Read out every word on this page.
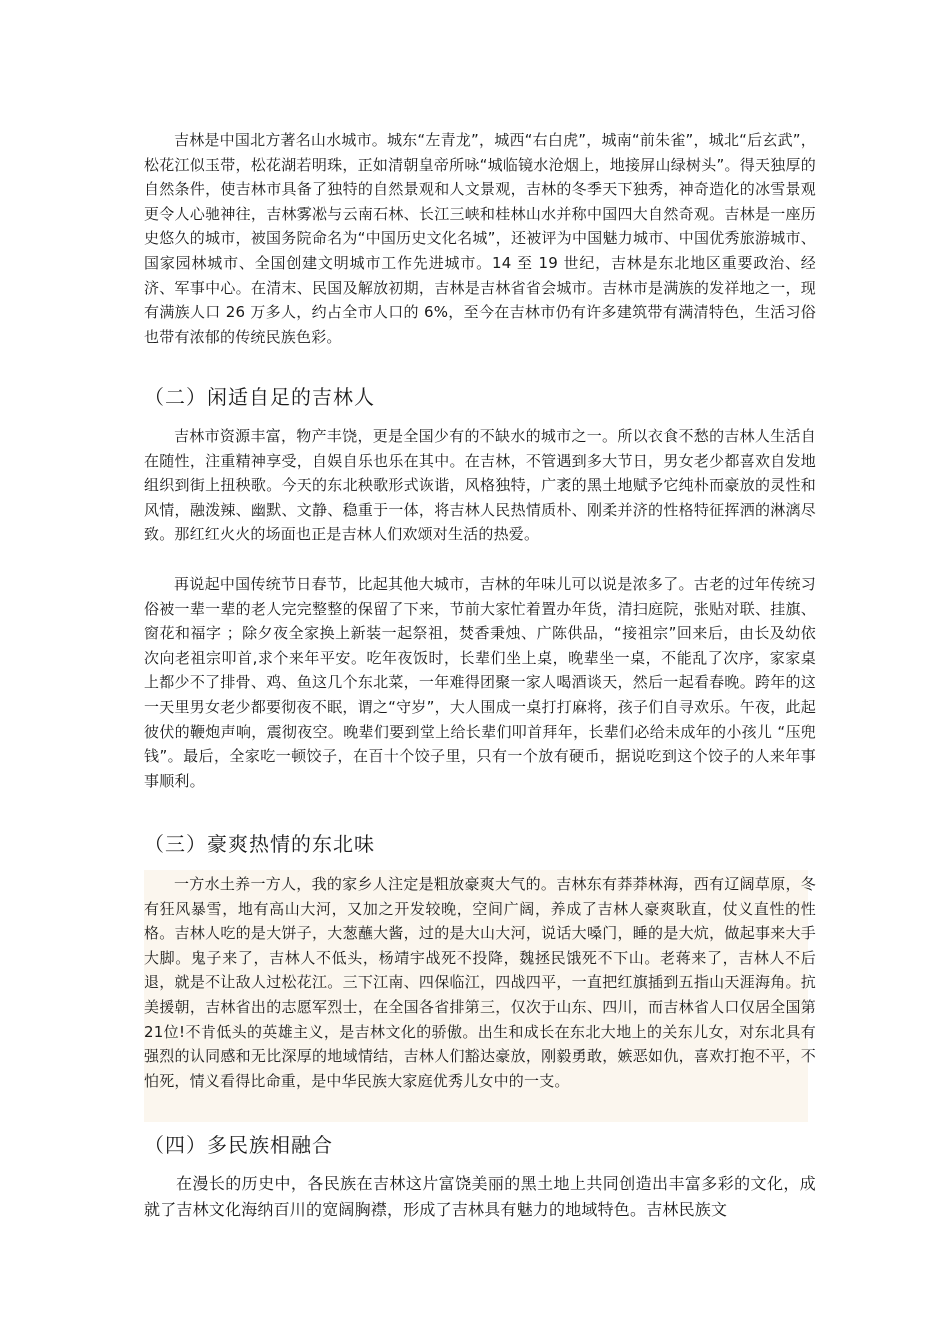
吉林是中国北方著名山水城市。城东“左青龙”，城西“右白虎”，城南“前朱雀”，城北“后玄武”，松花江似玉带，松花湖若明珠，正如清朝皇帝所咏“城临镜水沧烟上，地接屏山绿树头”。得天独厚的自然条件，使吉林市具备了独特的自然景观和人文景观，吉林的冬季天下独秀，神奇造化的冰雪景观更令人心驰神往，吉林雾凇与云南石林、长江三峡和桂林山水并称中国四大自然奇观。吉林是一座历史悠久的城市，被国务院命名为“中国历史文化名城”，还被评为中国魅力城市、中国优秀旅游城市、国家园林城市、全国创建文明城市工作先进城市。14 至 19 世纪，吉林是东北地区重要政治、经济、军事中心。在清末、民国及解放初期，吉林是吉林省省会城市。吉林市是满族的发祥地之一，现有满族人口 26 万多人，约占全市人口的 6%，至今在吉林市仍有许多建筑带有满清特色，生活习俗也带有浓郁的传统民族色彩。

（二）闲适自足的吉林人

吉林市资源丰富，物产丰饶，更是全国少有的不缺水的城市之一。所以衣食不愁的吉林人生活自在随性，注重精神享受，自娱自乐也乐在其中。在吉林，不管遇到多大节日，男女老少都喜欢自发地组织到街上扭秧歌。今天的东北秧歌形式诙谐，风格独特，广袤的黑土地赋予它纯朴而豪放的灵性和风情，融泼辣、幽默、文静、稳重于一体，将吉林人民热情质朴、刚柔并济的性格特征挥洒的淋漓尽致。那红红火火的场面也正是吉林人们欢颂对生活的热爱。

再说起中国传统节日春节，比起其他大城市，吉林的年味儿可以说是浓多了。古老的过年传统习俗被一辈一辈的老人完完整整的保留了下来，节前大家忙着置办年货，清扫庭院，张贴对联、挂旗、窗花和福字 ；除夕夜全家换上新装一起祭祖，焚香秉烛、广陈供品，“接祖宗”回来后，由长及幼依次向老祖宗叩首,求个来年平安。吃年夜饭时，长辈们坐上桌，晚辈坐一桌，不能乱了次序，家家桌上都少不了排骨、鸡、鱼这几个东北菜，一年难得团聚一家人喝酒谈天，然后一起看春晚。跨年的这一天里男女老少都要彻夜不眠，谓之“守岁”，大人围成一桌打打麻将，孩子们自寻欢乐。午夜，此起彼伏的鞭炮声响，震彻夜空。晚辈们要到堂上给长辈们叩首拜年，长辈们必给未成年的小孩儿 “压兜钱”。最后，全家吃一顿饺子，在百十个饺子里，只有一个放有硬币，据说吃到这个饺子的人来年事事顺利。

（三）豪爽热情的东北味

一方水土养一方人，我的家乡人注定是粗放豪爽大气的。吉林东有莽莽林海，西有辽阔草原，冬有狂风暴雪，地有高山大河，又加之开发较晚，空间广阔，养成了吉林人豪爽耿直，仗义直性的性格。吉林人吃的是大饼子，大葱蘸大酱，过的是大山大河，说话大嗓门，睡的是大炕，做起事来大手大脚。鬼子来了，吉林人不低头，杨靖宇战死不投降，魏拯民饿死不下山。老蒋来了，吉林人不后退，就是不让敌人过松花江。三下江南、四保临江，四战四平，一直把红旗插到五指山天涯海角。抗美援朝，吉林省出的志愿军烈士，在全国各省排第三，仅次于山东、四川，而吉林省人口仅居全国第21位!不肯低头的英雄主义，是吉林文化的骄傲。出生和成长在东北大地上的关东儿女，对东北具有强烈的认同感和无比深厚的地域情结，吉林人们豁达豪放，刚毅勇敢，嫉恶如仇，喜欢打抱不平，不怕死，情义看得比命重，是中华民族大家庭优秀儿女中的一支。

（四）多民族相融合

在漫长的历史中，各民族在吉林这片富饶美丽的黑土地上共同创造出丰富多彩的文化，成就了吉林文化海纳百川的宽阔胸襟，形成了吉林具有魅力的地域特色。吉林民族文
